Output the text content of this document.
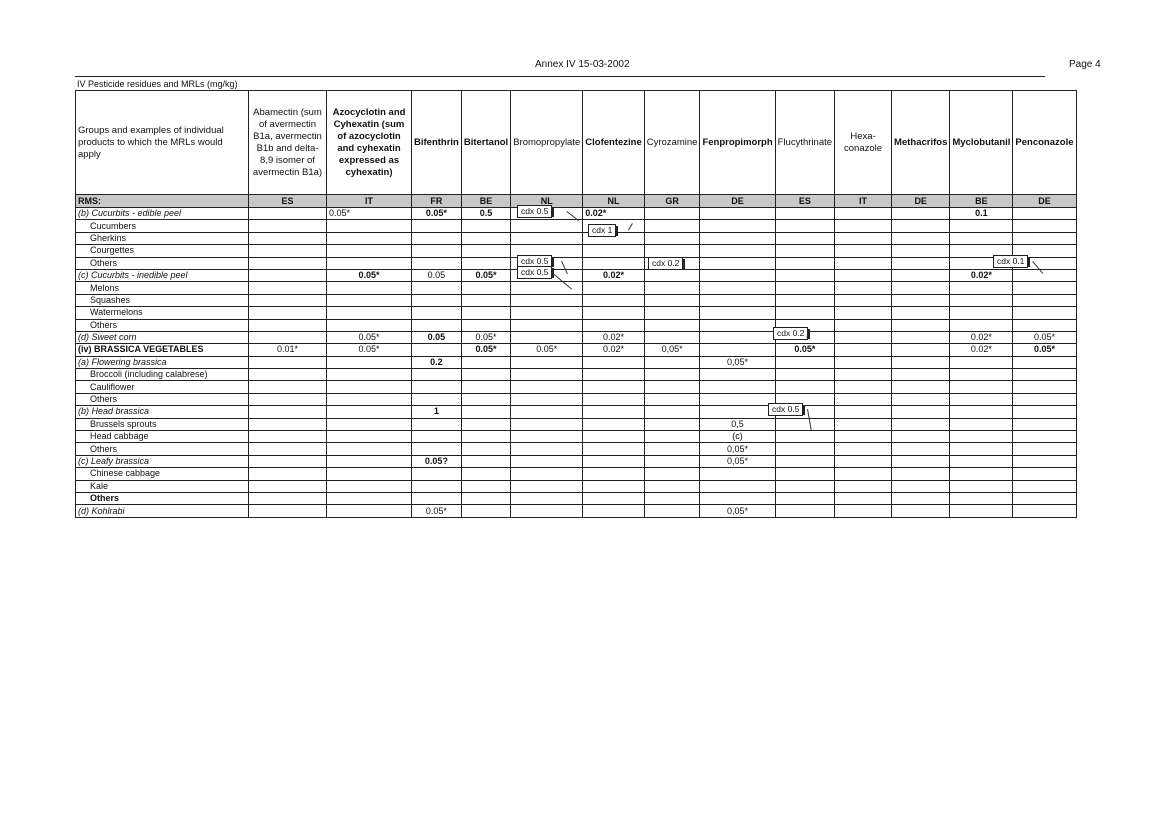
Annex IV 15-03-2002	Page 4
IV Pesticide residues and MRLs (mg/kg)
Groups and examples of individual products to which the MRLs would apply	Abamectin (sum of avermectin B1a, avermectin B1b and delta-8,9 isomer of avermectin B1a)	Azocyclotin and Cyhexatin (sum of azocyclotin and cyhexatin expressed as cyhexatin)	Bifenthrin	Bitertanol	Bromopropylate	Clofentezine	Cyrozamine	Fenpropimorph	Flucythrinate	Hexa-conazole	Methacrifos	Myclobutanil	Penconazole
RMS:	ES	IT	FR	BE	NL	NL	GR	DE	ES	IT	DE	BE	DE
(b) Cucurbits - edible peel		0.05*	0.05*	0.5		0.02*						0.1	
Cucumbers													
Gherkins													
Courgettes													
Others													
(c) Cucurbits - inedible peel		0.05*	0.05	0.05*		0.02*						0.02*	
Melons													
Squashes													
Watermelons													
Others													
(d) Sweet corn		0.05*	0.05	0.05*		0.02*						0.02*	0.05*
(iv) BRASSICA VEGETABLES	0.01*	0.05*		0.05*	0.05*	0.02*	0,05*		0.05*			0.02*	0.05*
(a) Flowering brassica			0.2					0,05*					
Broccoli (including calabrese)													
Cauliflower													
Others													
(b) Head brassica			1										
Brussels sprouts								0,5					
Head cabbage								(c)					
Others								0,05*					
(c) Leafy brassica			0.05?					0,05*					
Chinese cabbage													
Kale													
Others													
(d) Kohlrabi			0.05*					0,05*					
cdx 0.5
cdx 1
cdx 0.5	cdx 0.2	cdx 0.1
cdx 0.5
cdx 0.2
cdx 0.5
